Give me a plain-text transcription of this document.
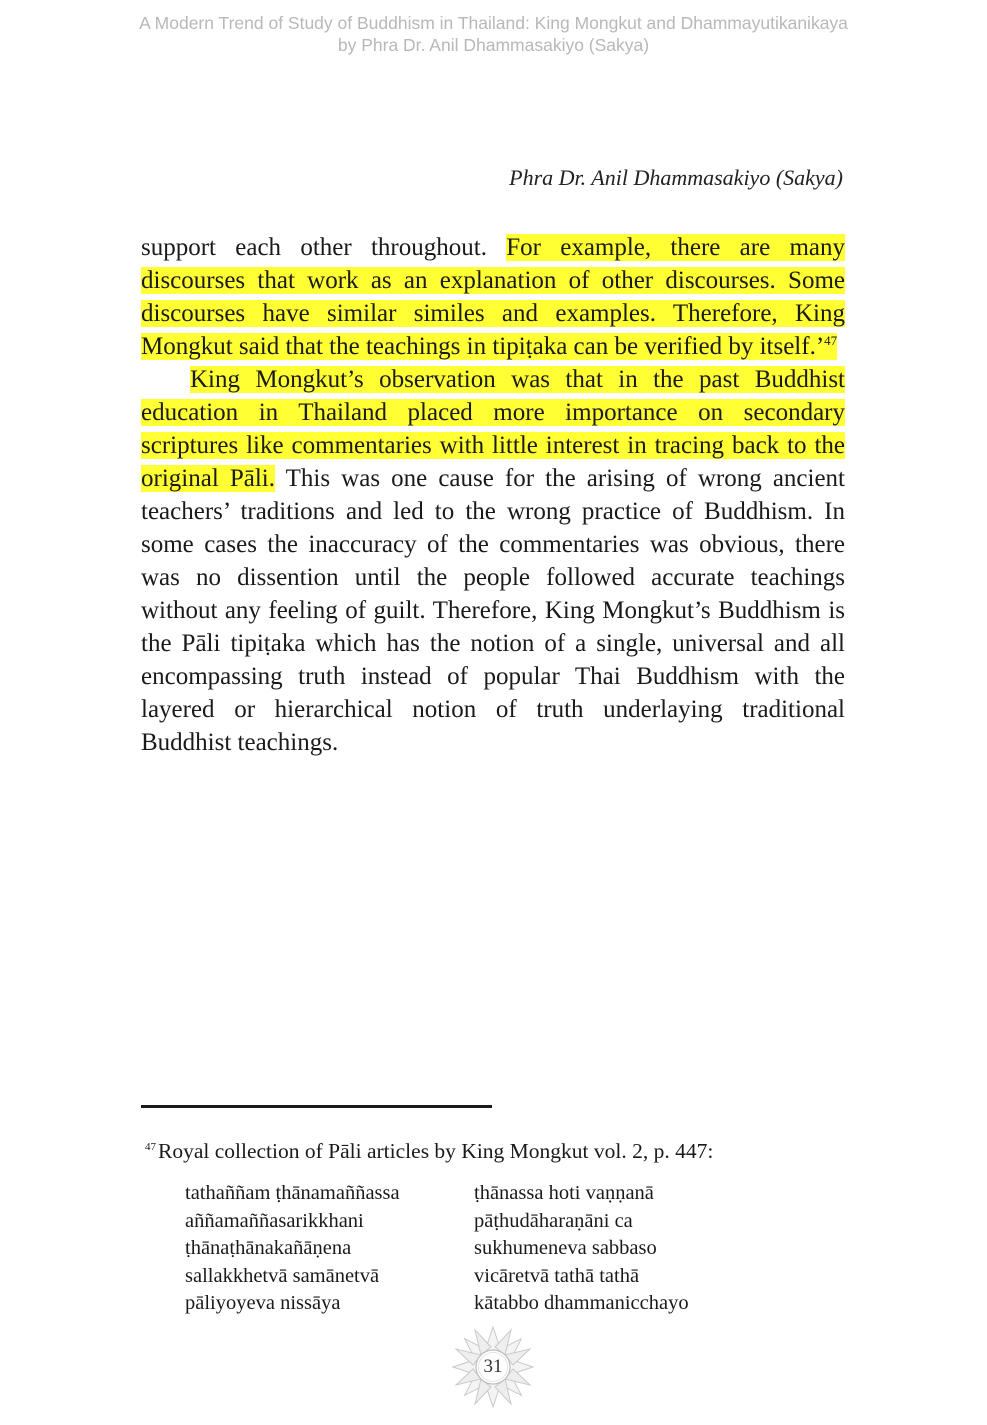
A Modern Trend of Study of Buddhism in Thailand: King Mongkut and Dhammayutikanikaya
by Phra Dr. Anil Dhammasakiyo (Sakya)
Phra Dr. Anil Dhammasakiyo (Sakya)

support each other throughout. For example, there are many discourses that work as an explanation of other discourses. Some discourses have similar similes and examples. Therefore, King Mongkut said that the teachings in tipiṭaka can be verified by itself.’$^{47}$

King Mongkut’s observation was that in the past Buddhist education in Thailand placed more importance on secondary scriptures like commentaries with little interest in tracing back to the original Pāli. This was one cause for the arising of wrong ancient teachers’ traditions and led to the wrong practice of Buddhism. In some cases the inaccuracy of the commentaries was obvious, there was no dissention until the people followed accurate teachings without any feeling of guilt. Therefore, King Mongkut’s Buddhism is the Pāli tipiṭaka which has the notion of a single, universal and all encompassing truth instead of popular Thai Buddhism with the layered or hierarchical notion of truth underlaying traditional Buddhist teachings.

$^{47}$Royal collection of Pāli articles by King Mongkut vol. 2, p. 447:
tathaññam ṭhānamaññassa	ṭhānassa hoti vaṇṇanā
aññamaññasarikkhani	pāṭhudāharaṇāni ca
ṭhānaṭhānakañāṇena	sukhumeneva sabbaso
sallakkhetvā samānetvā	vicāretvā tathā tathā
pāliyoyeva nissāya	kātabbo dhammanicchayo
31
